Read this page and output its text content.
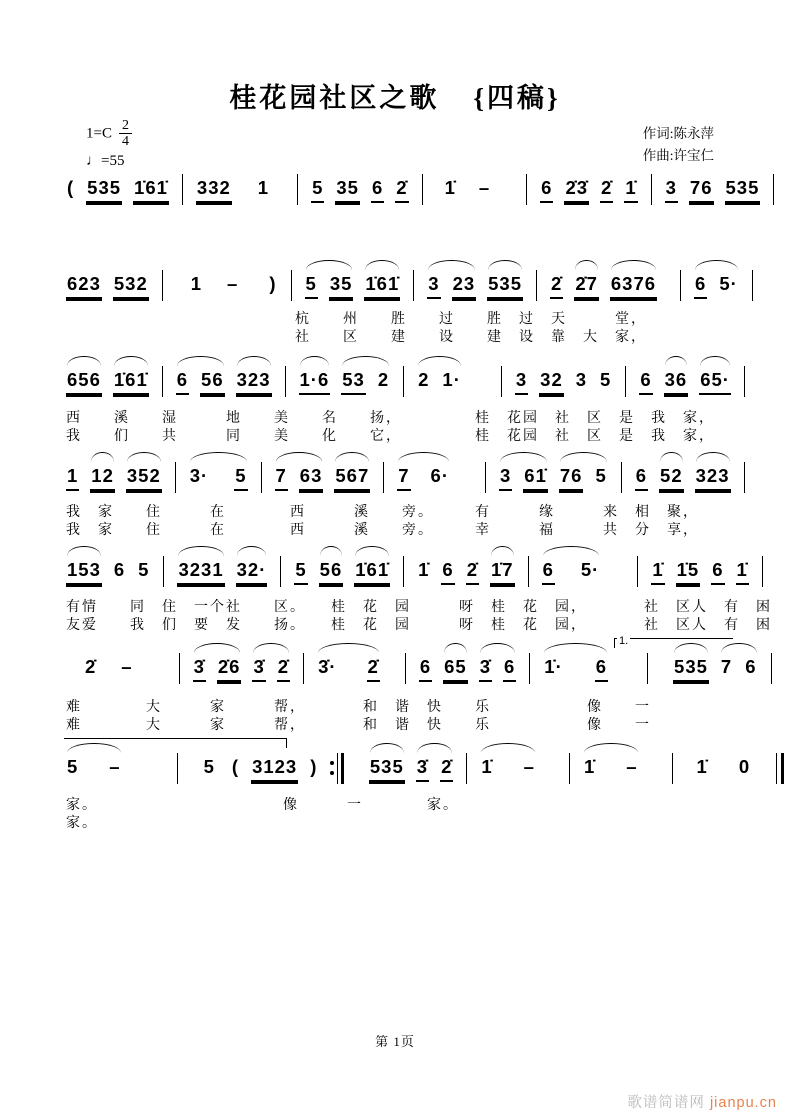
桂花园社区之歌 {四稿}
$1=C \frac{2}{4}$
♩=55
作词:陈永萍
作曲:许宝仁
( 535 1̇61̇ 332 1 5 35 6 2̇ 1̇ –	6 2̇3̇ 2̇ 1̇ 3 76 535
623 532 1 – ) 5 35 1̇61̇ 3 23 535 2̇ 2̇7 6376 6 5·
656 1̇61̇ 6 56 323 1·6 53 2 2 1·	3 32 3 5 6 36 65·
1 12 352 3· 5 7 63 567 7 6·	3 61̇ 76 5 6 52 323
153 6 5 3231 32· 5 56 1̇61̇ 1̇ 6 2̇ 1̇7 6 5·	1̇ 1̇5 6 1̇
2̇ –	3̇ 2̇6 3̇ 2̇ 3̇· 2̇ 6 65 3̇ 6 1̇· 6	535 7 6
1.
5 –	5 ( 3123 )	535 3̇ 2̇ 1̇ –	1̇ –	1̇ 0
第 1页
歌谱简谱网 jianpu.cn
杭　　州　　胜　　过　　胜　过　天　　　堂，
社　　区　　建　　设　　建　设　靠　大　家，
西　　溪　　湿　　　地　　美　　名　　扬，　　　　　桂　花园　社　区　是　我　家，
我　　们　　共　　　同　　美　　化　　它，　　　　　桂　花园　社　区　是　我　家，
我　家　　住　　　在　　　　西　　　溪　　旁。　　　有　　　缘　　　来　相　聚，
我　家　　住　　　在　　　　西　　　溪　　旁。　　　幸　　　福　　　共　分　享，
有情　　同　住　一个社　　区。　　桂　花　园　　　呀　桂　花　园，　　　　社　区人　有　困
友爱　　我　们　要　发　　扬。　　桂　花　园　　　呀　桂　花　园，　　　　社　区人　有　困
难　　　　大　　　家　　　帮，　　　　和　谐　快　　乐　　　　　　像　　一
难　　　　大　　　家　　　帮，　　　　和　谐　快　　乐　　　　　　像　　一
家。　　　　　　　　　　　　像　　　一　　　　家。
家。
